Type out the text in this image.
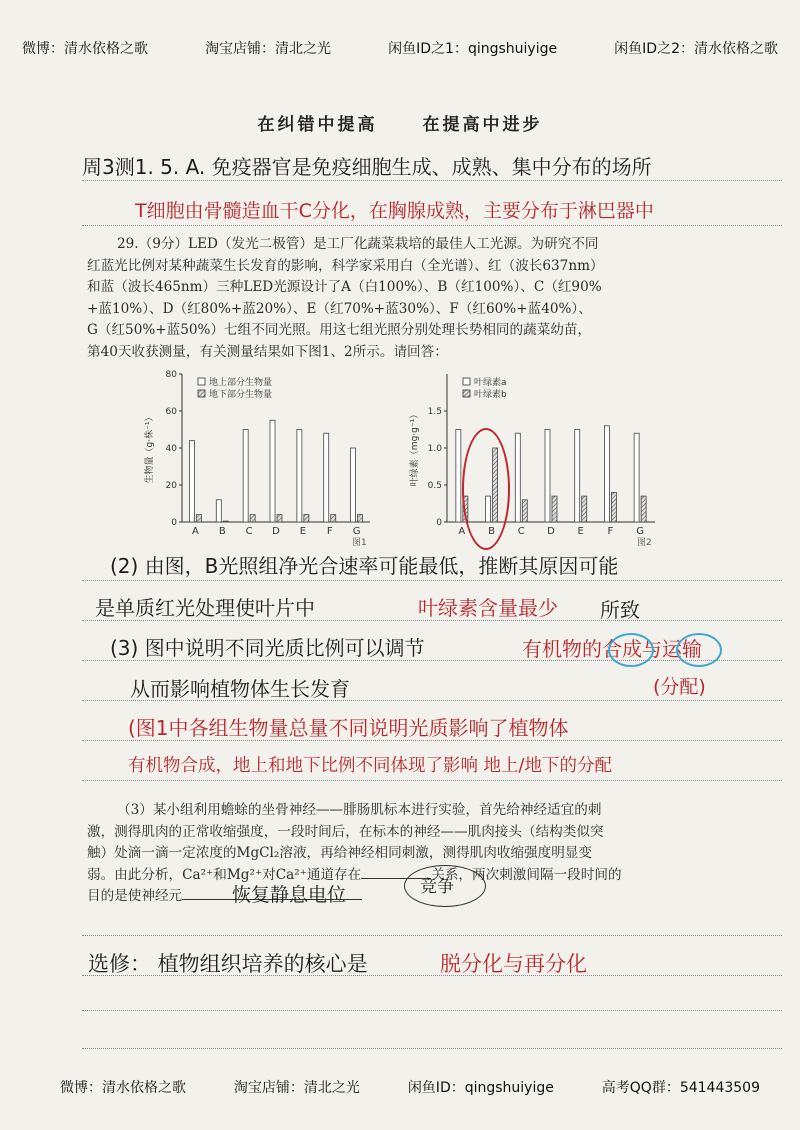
微博：清水依格之歌	淘宝店铺：清北之光	闲鱼ID之1：qingshuiyige	闲鱼ID之2：清水依格之歌
在纠错中提高	在提高中进步
周3测1. 5. A. 免疫器官是免疫细胞生成、成熟、集中分布的场所
T细胞由骨髓造血干C分化，在胸腺成熟，主要分布于淋巴器中

29.（9分）LED（发光二极管）是工厂化蔬菜栽培的最佳人工光源。为研究不同

红蓝光比例对某种蔬菜生长发育的影响，科学家采用白（全光谱）、红（波长637nm）

和蓝（波长465nm）三种LED光源设计了A（白100%）、B（红100%）、C（红90%

+蓝10%）、D（红80%+蓝20%）、E（红70%+蓝30%）、F（红60%+蓝40%）、

G（红50%+蓝50%）七组不同光照。用这七组光照分别处理长势相同的蔬菜幼苗，

第40天收获测量，有关测量结果如下图1、2所示。请回答：

0
20
40
60
80
生物量（g·株⁻¹）
A B C D E F G
地上部分生物量
地下部分生物量
图1
0
0.5
1.0
1.5
叶绿素（mg·g⁻¹）
A B C D E F G
叶绿素a
叶绿素b
图2
(2) 由图，B光照组净光合速率可能最低，推断其原因可能
是单质红光处理使叶片中	叶绿素含量最少 所致
(3) 图中说明不同光质比例可以调节	有机物的合成与运输
从而影响植物体生长发育	(分配)
(图1中各组生物量总量不同说明光质影响了植物体
有机物合成，地上和地下比例不同体现了影响 地上/地下的分配

（3）某小组利用蟾蜍的坐骨神经——腓肠肌标本进行实验，首先给神经适宜的刺

激，测得肌肉的正常收缩强度，一段时间后，在标本的神经——肌肉接头（结构类似突

触）处滴一滴一定浓度的MgCl₂溶液，再给神经相同刺激，测得肌肉收缩强度明显变

弱。由此分析，Ca²⁺和Mg²⁺对Ca²⁺通道存在	关系，两次刺激间隔一段时间的

目的是使神经元	恢复静息电位	竞争
选修： 植物组织培养的核心是	脱分化与再分化
微博：清水依格之歌	淘宝店铺：清北之光	闲鱼ID：qingshuiyige	高考QQ群：541443509
